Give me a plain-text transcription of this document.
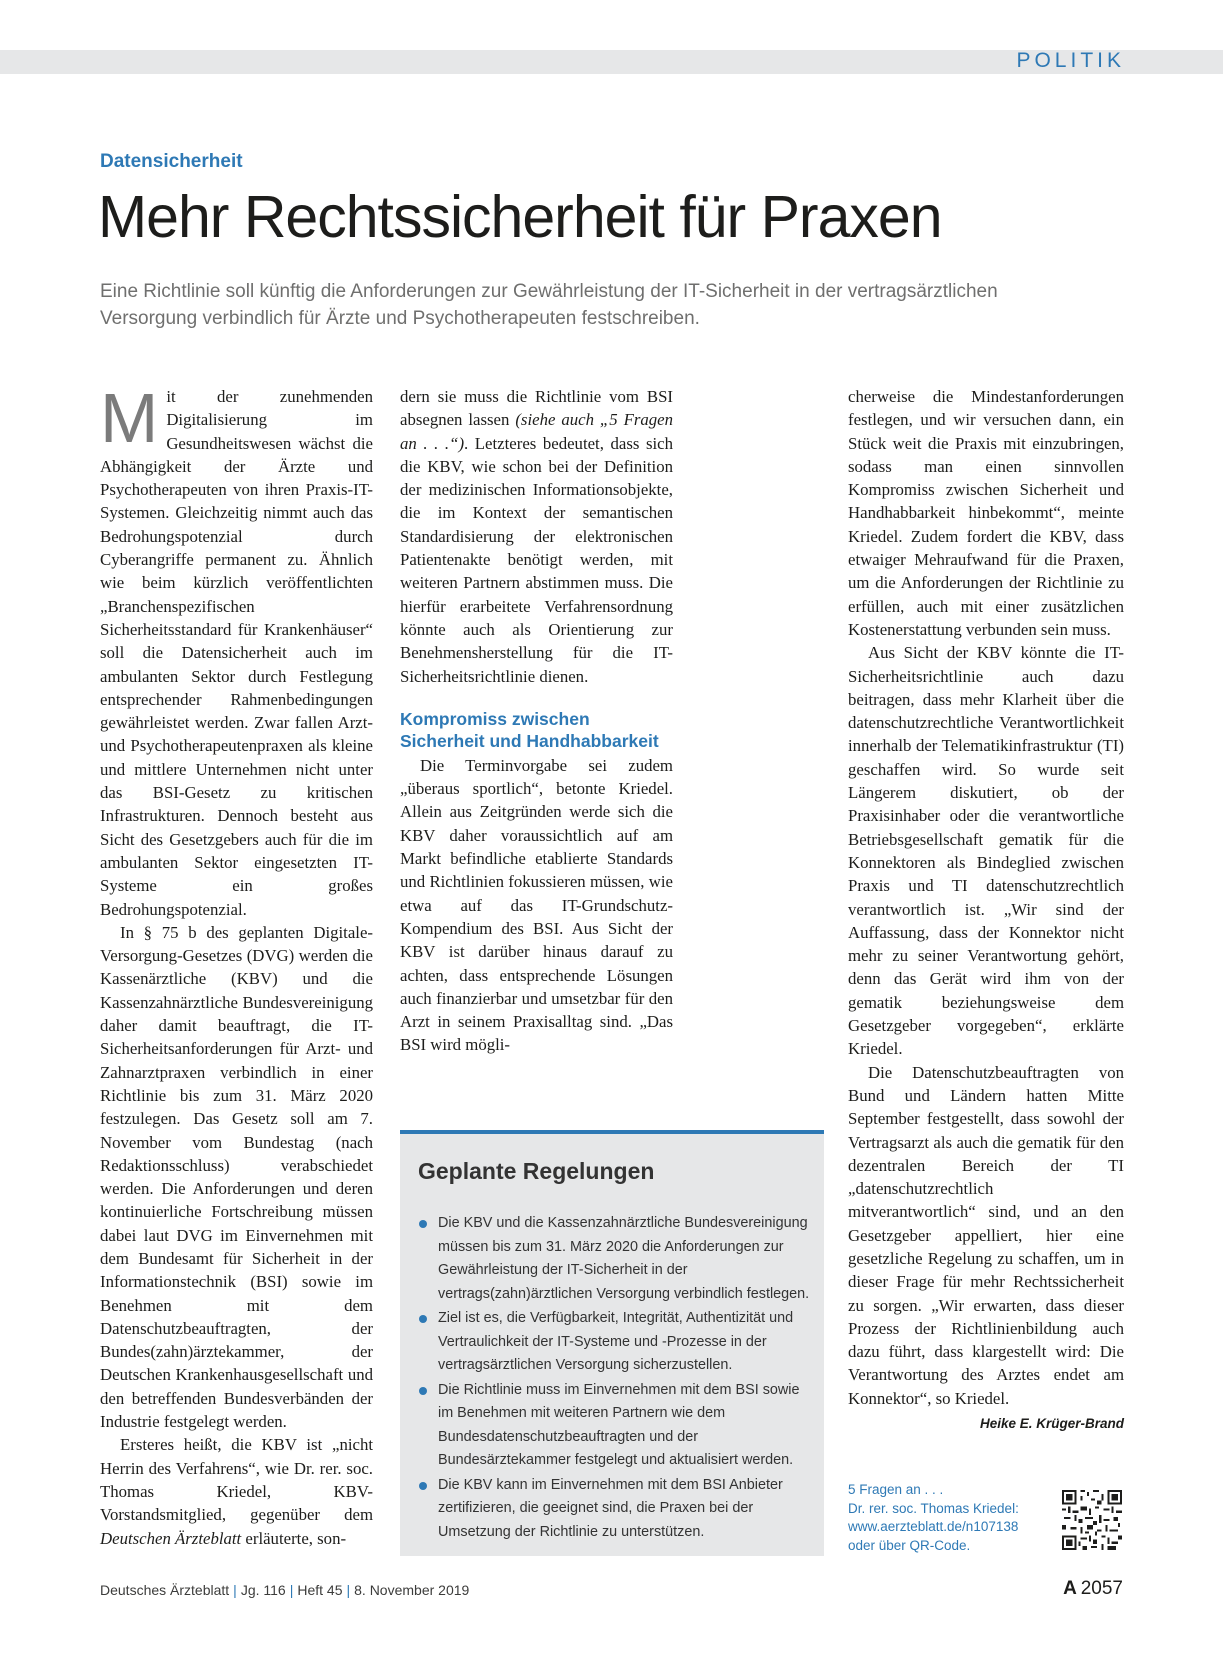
POLITIK
Datensicherheit
Mehr Rechtssicherheit für Praxen

Eine Richtlinie soll künftig die Anforderungen zur Gewährleistung der IT-Sicherheit in der vertragsärztlichen Versorgung verbindlich für Ärzte und Psychotherapeuten festschreiben.

Mit der zunehmenden Digitalisierung im Gesundheitswesen wächst die Abhängigkeit der Ärzte und Psychotherapeuten von ihren Praxis-IT-Systemen. Gleichzeitig nimmt auch das Bedrohungspotenzial durch Cyberangriffe permanent zu. Ähnlich wie beim kürzlich veröffentlichten „Branchenspezifischen Sicherheitsstandard für Krankenhäuser“ soll die Datensicherheit auch im ambulanten Sektor durch Festlegung entsprechender Rahmenbedingungen gewährleistet werden. Zwar fallen Arzt- und Psychotherapeutenpraxen als kleine und mittlere Unternehmen nicht unter das BSI-Gesetz zu kritischen Infrastrukturen. Dennoch besteht aus Sicht des Gesetzgebers auch für die im ambulanten Sektor eingesetzten IT-Systeme ein großes Bedrohungspotenzial.

In § 75 b des geplanten Digitale-Versorgung-Gesetzes (DVG) werden die Kassenärztliche (KBV) und die Kassenzahnärztliche Bundesvereinigung daher damit beauftragt, die IT-Sicherheitsanforderungen für Arzt- und Zahnarztpraxen verbindlich in einer Richtlinie bis zum 31. März 2020 festzulegen. Das Gesetz soll am 7. November vom Bundestag (nach Redaktionsschluss) verabschiedet werden. Die Anforderungen und deren kontinuierliche Fortschreibung müssen dabei laut DVG im Einvernehmen mit dem Bundesamt für Sicherheit in der Informationstechnik (BSI) sowie im Benehmen mit dem Datenschutzbeauftragten, der Bundes(zahn)ärztekammer, der Deutschen Krankenhausgesellschaft und den betreffenden Bundesverbänden der Industrie festgelegt werden.

Ersteres heißt, die KBV ist „nicht Herrin des Verfahrens“, wie Dr. rer. soc. Thomas Kriedel, KBV-Vorstandsmitglied, gegenüber dem Deutschen Ärzteblatt erläuterte, son-

dern sie muss die Richtlinie vom BSI absegnen lassen (siehe auch „5 Fragen an . . .“). Letzteres bedeutet, dass sich die KBV, wie schon bei der Definition der medizinischen Informationsobjekte, die im Kontext der semantischen Standardisierung der elektronischen Patientenakte benötigt werden, mit weiteren Partnern abstimmen muss. Die hierfür erarbeitete Verfahrensordnung könnte auch als Orientierung zur Benehmensherstellung für die IT-Sicherheitsrichtlinie dienen.

Kompromiss zwischen Sicherheit und Handhabbarkeit

Die Terminvorgabe sei zudem „überaus sportlich“, betonte Kriedel. Allein aus Zeitgründen werde sich die KBV daher voraussichtlich auf am Markt befindliche etablierte Standards und Richtlinien fokussieren müssen, wie etwa auf das IT-Grundschutz-Kompendium des BSI. Aus Sicht der KBV ist darüber hinaus darauf zu achten, dass entsprechende Lösungen auch finanzierbar und umsetzbar für den Arzt in seinem Praxisalltag sind. „Das BSI wird mögli-

cherweise die Mindestanforderungen festlegen, und wir versuchen dann, ein Stück weit die Praxis mit einzubringen, sodass man einen sinnvollen Kompromiss zwischen Sicherheit und Handhabbarkeit hinbekommt“, meinte Kriedel. Zudem fordert die KBV, dass etwaiger Mehraufwand für die Praxen, um die Anforderungen der Richtlinie zu erfüllen, auch mit einer zusätzlichen Kostenerstattung verbunden sein muss.

Aus Sicht der KBV könnte die IT-Sicherheitsrichtlinie auch dazu beitragen, dass mehr Klarheit über die datenschutzrechtliche Verantwortlichkeit innerhalb der Telematikinfrastruktur (TI) geschaffen wird. So wurde seit Längerem diskutiert, ob der Praxisinhaber oder die verantwortliche Betriebsgesellschaft gematik für die Konnektoren als Bindeglied zwischen Praxis und TI datenschutzrechtlich verantwortlich ist. „Wir sind der Auffassung, dass der Konnektor nicht mehr zu seiner Verantwortung gehört, denn das Gerät wird ihm von der gematik beziehungsweise dem Gesetzgeber vorgegeben“, erklärte Kriedel.

Die Datenschutzbeauftragten von Bund und Ländern hatten Mitte September festgestellt, dass sowohl der Vertragsarzt als auch die gematik für den dezentralen Bereich der TI „datenschutzrechtlich mitverantwortlich“ sind, und an den Gesetzgeber appelliert, hier eine gesetzliche Regelung zu schaffen, um in dieser Frage für mehr Rechtssicherheit zu sorgen. „Wir erwarten, dass dieser Prozess der Richtlinienbildung auch dazu führt, dass klargestellt wird: Die Verantwortung des Arztes endet am Konnektor“, so Kriedel.

Heike E. Krüger-Brand

Geplante Regelungen
Die KBV und die Kassenzahnärztliche Bundesvereinigung müssen bis zum 31. März 2020 die Anforderungen zur Gewährleistung der IT-Sicherheit in der vertrags(zahn)ärztlichen Versorgung verbindlich festlegen.
Ziel ist es, die Verfügbarkeit, Integrität, Authentizität und Vertraulichkeit der IT-Systeme und -Prozesse in der vertragsärztlichen Versorgung sicherzustellen.
Die Richtlinie muss im Einvernehmen mit dem BSI sowie im Benehmen mit weiteren Partnern wie dem Bundesdatenschutzbeauftragten und der Bundesärztekammer festgelegt und aktualisiert werden.
Die KBV kann im Einvernehmen mit dem BSI Anbieter zertifizieren, die geeignet sind, die Praxen bei der Umsetzung der Richtlinie zu unterstützen.
5 Fragen an . . .
Dr. rer. soc. Thomas Kriedel:
www.aerzteblatt.de/n107138
oder über QR-Code.
Deutsches Ärzteblatt | Jg. 116 | Heft 45 | 8. November 2019	A  2057
